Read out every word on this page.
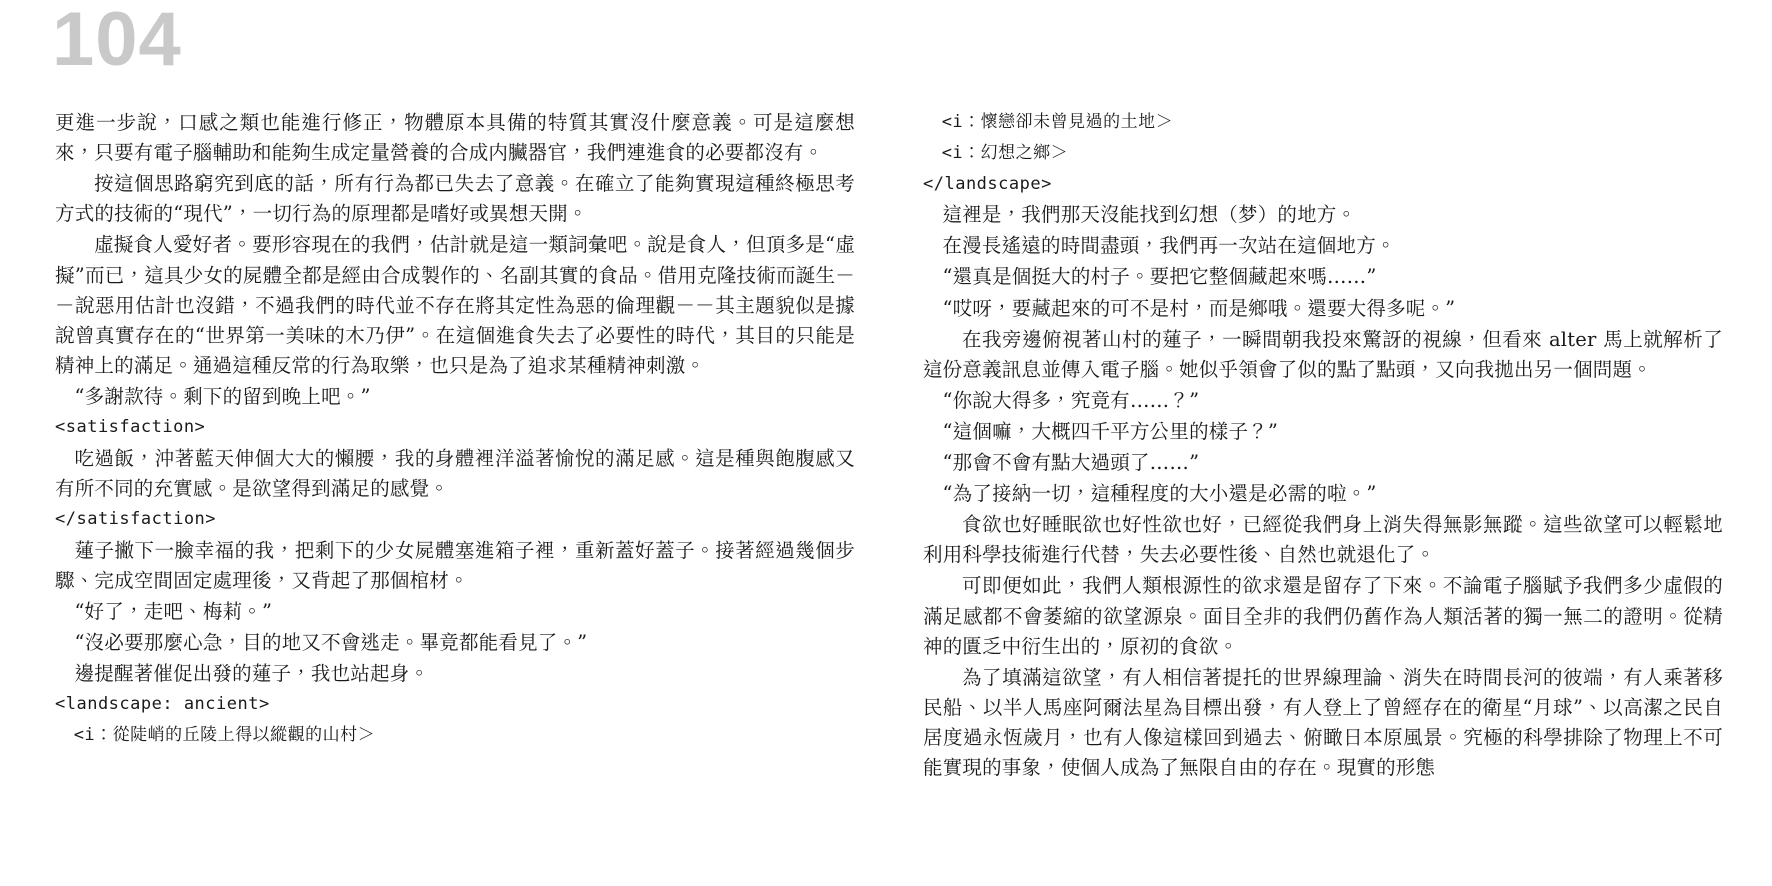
104

更進一步說，口感之類也能進行修正，物體原本具備的特質其實沒什麼意義。可是這麼想來，只要有電子腦輔助和能夠生成定量營養的合成内臟器官，我們連進食的必要都沒有。

按這個思路窮究到底的話，所有行為都已失去了意義。在確立了能夠實現這種終極思考方式的技術的“現代”，一切行為的原理都是嗜好或異想天開。

虛擬食人愛好者。要形容現在的我們，估計就是這一類詞彙吧。說是食人，但頂多是“虛擬”而已，這具少女的屍體全都是經由合成製作的、名副其實的食品。借用克隆技術而誕生－－說惡用估計也沒錯，不過我們的時代並不存在將其定性為惡的倫理觀－－其主題貌似是據說曾真實存在的“世界第一美味的木乃伊”。在這個進食失去了必要性的時代，其目的只能是精神上的滿足。通過這種反常的行為取樂，也只是為了追求某種精神刺激。

“多謝款待。剩下的留到晚上吧。”

<satisfaction>

吃過飯，沖著藍天伸個大大的懶腰，我的身體裡洋溢著愉悅的滿足感。這是種與飽腹感又有所不同的充實感。是欲望得到滿足的感覺。

</satisfaction>

蓮子撇下一臉幸福的我，把剩下的少女屍體塞進箱子裡，重新蓋好蓋子。接著經過幾個步驟、完成空間固定處理後，又背起了那個棺材。

“好了，走吧、梅莉。”

“沒必要那麼心急，目的地又不會逃走。畢竟都能看見了。”

邊提醒著催促出發的蓮子，我也站起身。

<landscape: ancient>

<i：從陡峭的丘陵上得以縱觀的山村＞

<i：懷戀卻未曾見過的土地＞

<i：幻想之鄉＞

</landscape>

這裡是，我們那天沒能找到幻想（梦）的地方。

在漫長遙遠的時間盡頭，我們再一次站在這個地方。

“還真是個挺大的村子。要把它整個藏起來嗎……”

“哎呀，要藏起來的可不是村，而是鄉哦。還要大得多呢。”

在我旁邊俯視著山村的蓮子，一瞬間朝我投來驚訝的視線，但看來 alter 馬上就解析了這份意義訊息並傳入電子腦。她似乎領會了似的點了點頭，又向我拋出另一個問題。

“你說大得多，究竟有……？”

“這個嘛，大概四千平方公里的樣子？”

“那會不會有點大過頭了……”

“為了接納一切，這種程度的大小還是必需的啦。”

食欲也好睡眠欲也好性欲也好，已經從我們身上消失得無影無蹤。這些欲望可以輕鬆地利用科學技術進行代替，失去必要性後、自然也就退化了。

可即便如此，我們人類根源性的欲求還是留存了下來。不論電子腦賦予我們多少虛假的滿足感都不會萎縮的欲望源泉。面目全非的我們仍舊作為人類活著的獨一無二的證明。從精神的匱乏中衍生出的，原初的食欲。

為了填滿這欲望，有人相信著提托的世界線理論、消失在時間長河的彼端，有人乘著移民船、以半人馬座阿爾法星為目標出發，有人登上了曾經存在的衛星“月球”、以高潔之民自居度過永恆歲月，也有人像這樣回到過去、俯瞰日本原風景。究極的科學排除了物理上不可能實現的事象，使個人成為了無限自由的存在。現實的形態
